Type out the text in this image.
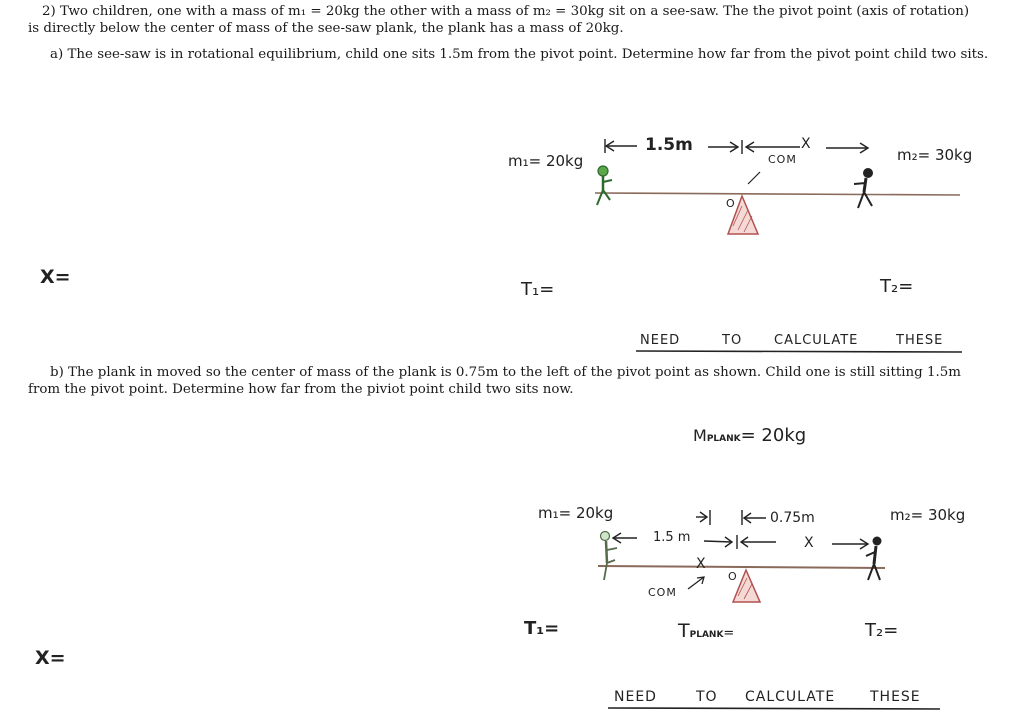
2) Two children, one with a mass of m₁ = 20kg the other with a mass of m₂ = 30kg sit on a see-saw. The the pivot point (axis of rotation)
is directly below the center of mass of the see-saw plank, the plank has a mass of 20kg.
a) The see-saw is in rotational equilibrium, child one sits 1.5m from the pivot point. Determine how far from the pivot point child two sits.
b) The plank in moved so the center of mass of the plank is 0.75m to the left of the pivot point as shown. Child one is still sitting 1.5m
from the pivot point. Determine how far from the piviot point child two sits now.
m₁= 20kg	m₂= 30kg
1.5m	X
COM
O
X=
T₁=	T₂=
NEED	TO CALCULATE	THESE
MPLANK= 20kg
m₁= 20kg	m₂= 30kg
1.5 m
0.75m
X
X
COM
O
T₁=	TPLANK=	T₂=
X=
NEED	TO CALCULATE THESE
